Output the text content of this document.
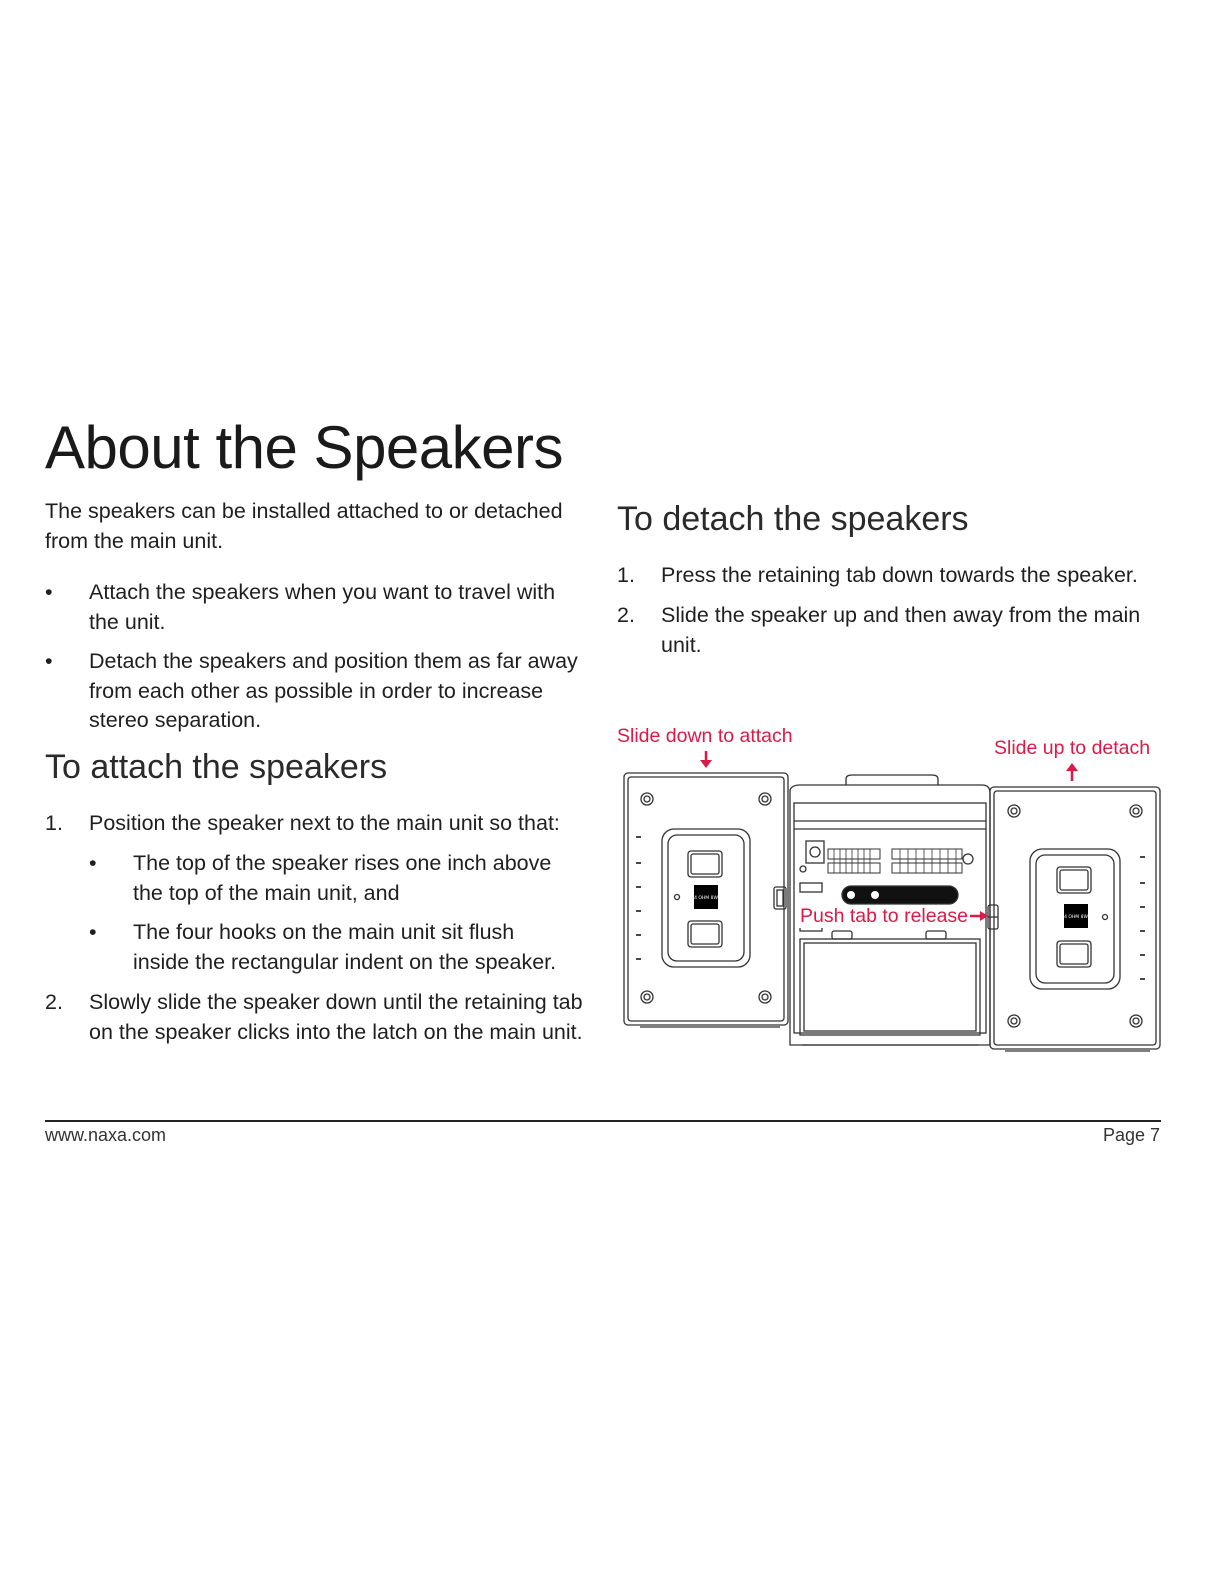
About the Speakers
The speakers can be installed attached to or detached from the main unit.
•	Attach the speakers when you want to travel with the unit.
•	Detach the speakers and position them as far away from each other as possible in order to increase stereo separation.
To attach the speakers
1.	Position the speaker next to the main unit so that:
•	The top of the speaker rises one inch above the top of the main unit, and
•	The four hooks on the main unit sit flush inside the rectangular indent on the speaker.
2.	Slowly slide the speaker down until the retaining tab on the speaker clicks into the latch on the main unit.
To detach the speakers
1.	Press the retaining tab down towards the speaker.
2.	Slide the speaker up and then away from the main unit.
Slide down to attach
Slide up to detach
4 OHM 8W
4 OHM 8W
Push tab to release
www.naxa.com	Page 7
